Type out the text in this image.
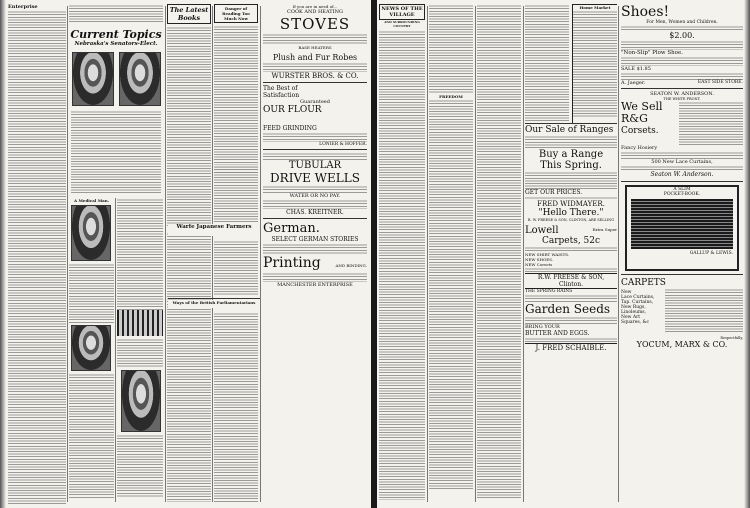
Enterprise
Current Topics
Nebraska's Senators-Elect.
A Medical Man.
The Latest Books
Danger of Reading Too Much Now
Warfe Japanese Farmers
Ways of the British Parliamentarians
If you are in need of...
COOK AND HEATING
STOVES
BASE HEATERS
Plush and Fur Robes
WURSTER BROS. & CO.
The Best of
Satisfaction
Guaranteed
OUR FLOUR
FEED GRINDING
LONIER & HOFFER.
TUBULAR
DRIVE WELLS
WATER OR NO PAY.
CHAS. KREITNER.
German.
SELECT GERMAN STORIES
Printing	AND BINDING.
MANCHESTER ENTERPRISE
NEWS OF THE VILLAGE
AND SURROUNDING COUNTRY
FREEDOM
Home Market
Our Sale of Ranges
Buy a Range
This Spring.
GET OUR PRICES.
FRED WIDMAYER.
"Hello There."
R. W. FREESE & SON, CLINTON, ARE SELLING
Lowell	Extra Super
Carpets, 52c
NEW SHIRT WAISTS.
NEW SHOES.
NEW Corsets
R.W. FREESE & SON, Clinton.
THE SPRING RAINS
Garden Seeds
BRING YOUR
BUTTER AND EGGS.
J. FRED SCHAIBLE.
Shoes!
For Men, Women and Children.
$2.00.
"Non-Slip" Plow Shoe.
SALE $1.85
A. Jaeger.	EAST SIDE STORE.
SEATON W. ANDERSON.
THE WHITE FRONT.
We Sell
R&G
Corsets.
Fancy Hosiery
500 New Lace Curtains,
Seaton W. Anderson.
A SLIM
POCKET-BOOK.
GALLUP & LEWIS.
CARPETS
New
Lace Curtains,
Tap. Curtains,
New Rugs,
Linoleums,
New Art Squares, &c
Respectfully,
YOCUM, MARX & CO.
